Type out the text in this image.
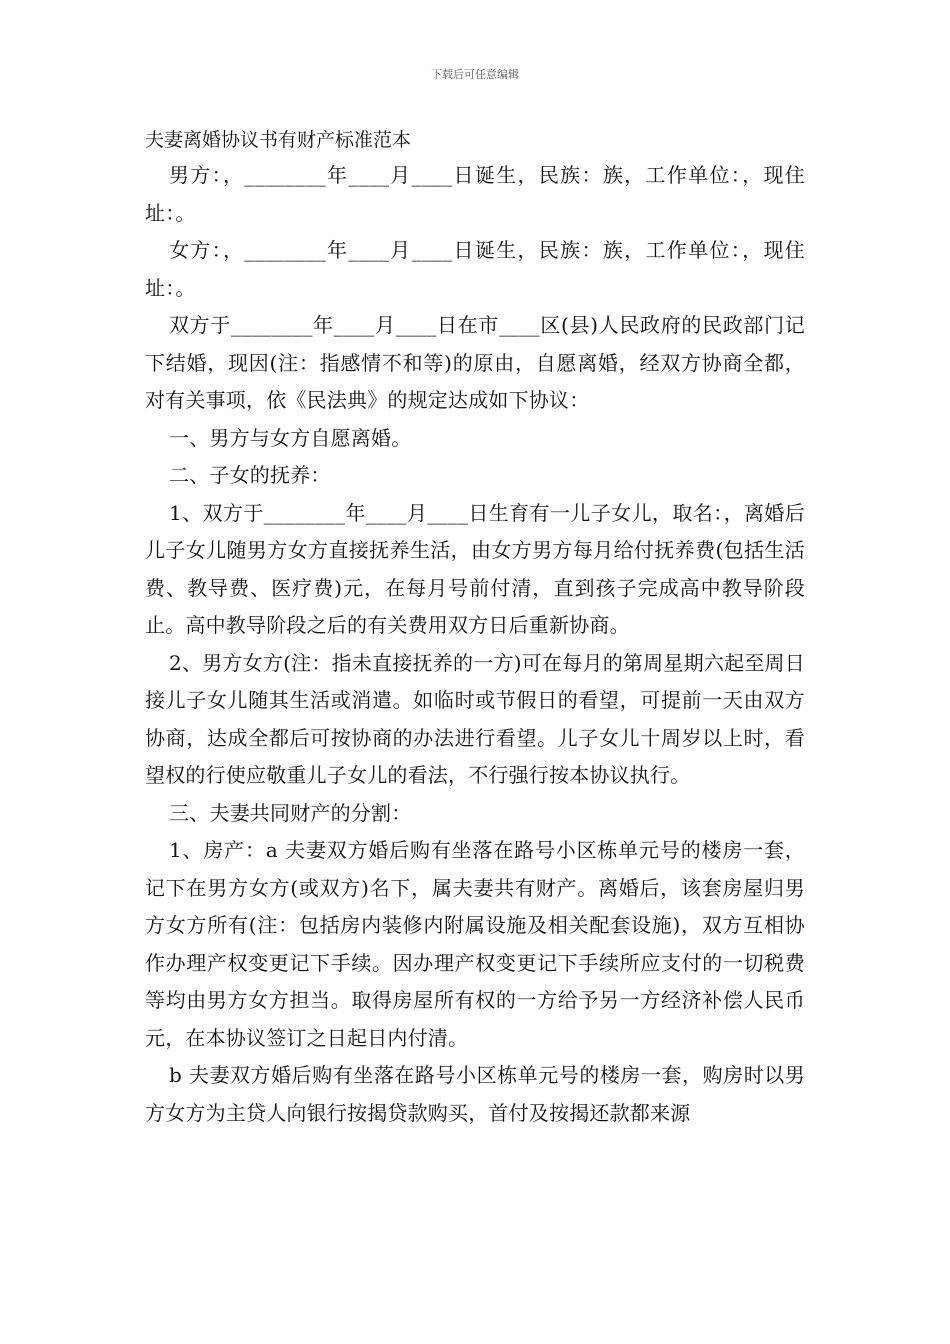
下载后可任意编辑

夫妻离婚协议书有财产标准范本

男方：，________年____月____日诞生，民族：族，工作单位：，现住址：。

女方：，________年____月____日诞生，民族：族，工作单位：，现住址：。

双方于________年____月____日在市____区(县)人民政府的民政部门记下结婚，现因(注：指感情不和等)的原由，自愿离婚，经双方协商全都，对有关事项，依《民法典》的规定达成如下协议：

一、男方与女方自愿离婚。

二、子女的抚养：

1、双方于________年____月____日生育有一儿子女儿，取名：，离婚后儿子女儿随男方女方直接抚养生活，由女方男方每月给付抚养费(包括生活费、教导费、医疗费)元，在每月号前付清，直到孩子完成高中教导阶段止。高中教导阶段之后的有关费用双方日后重新协商。

2、男方女方(注：指未直接抚养的一方)可在每月的第周星期六起至周日接儿子女儿随其生活或消遣。如临时或节假日的看望，可提前一天由双方协商，达成全都后可按协商的办法进行看望。儿子女儿十周岁以上时，看望权的行使应敬重儿子女儿的看法，不行强行按本协议执行。

三、夫妻共同财产的分割：

1、房产：a 夫妻双方婚后购有坐落在路号小区栋单元号的楼房一套，记下在男方女方(或双方)名下，属夫妻共有财产。离婚后，该套房屋归男方女方所有(注：包括房内装修内附属设施及相关配套设施)，双方互相协作办理产权变更记下手续。因办理产权变更记下手续所应支付的一切税费等均由男方女方担当。取得房屋所有权的一方给予另一方经济补偿人民币元，在本协议签订之日起日内付清。

b 夫妻双方婚后购有坐落在路号小区栋单元号的楼房一套，购房时以男方女方为主贷人向银行按揭贷款购买，首付及按揭还款都来源
